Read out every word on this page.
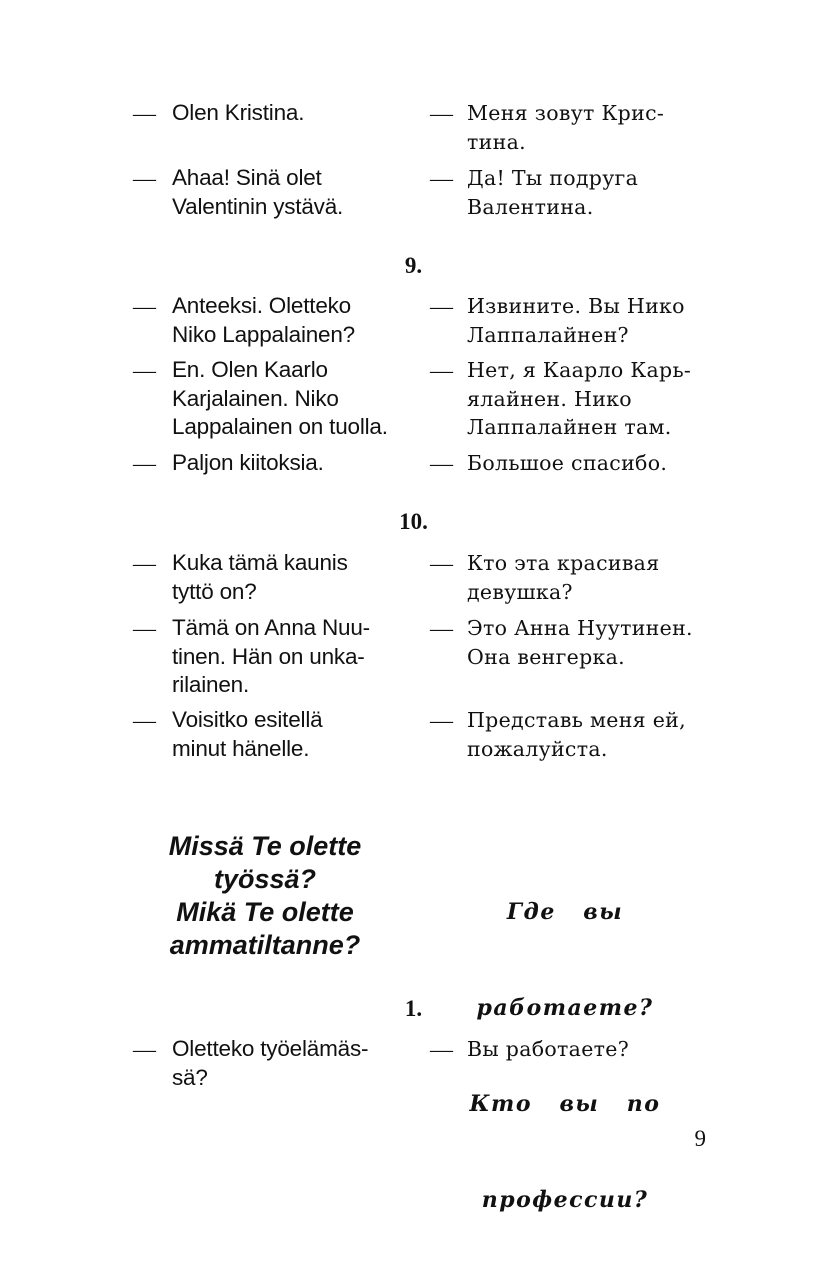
— Olen Kristina.	— Меня зовут Крис-
тина.
— Ahaa! Sinä olet
Valentinin ystävä.
— Да! Ты подруга
Валентина.
9.
— Anteeksi. Oletteko
Niko Lappalainen?
— Извините. Вы Нико
Лаппалайнен?
— En. Olen Kaarlo
Karjalainen. Niko
Lappalainen on tuolla.
— Нет, я Каарло Карь-
ялайнен. Нико
Лаппалайнен там.
— Paljon kiitoksia.	— Большое спасибо.
10.
— Kuka tämä kaunis
tyttö on?
— Кто эта красивая
девушка?
— Tämä on Anna Nuu-
tinen. Hän on unka-
rilainen.
— Это Анна Нуутинен.
Она венгерка.
— Voisitko esitellä
minut hänelle.
— Представь меня ей,
пожалуйста.
Missä Te olette
työssä?
Mikä Te olette
ammatiltanne?

Где   вы

работаете?

Кто   вы   по

профессии?

1.
— Oletteko työelämäs-
sä?
— Вы работаете?
9
